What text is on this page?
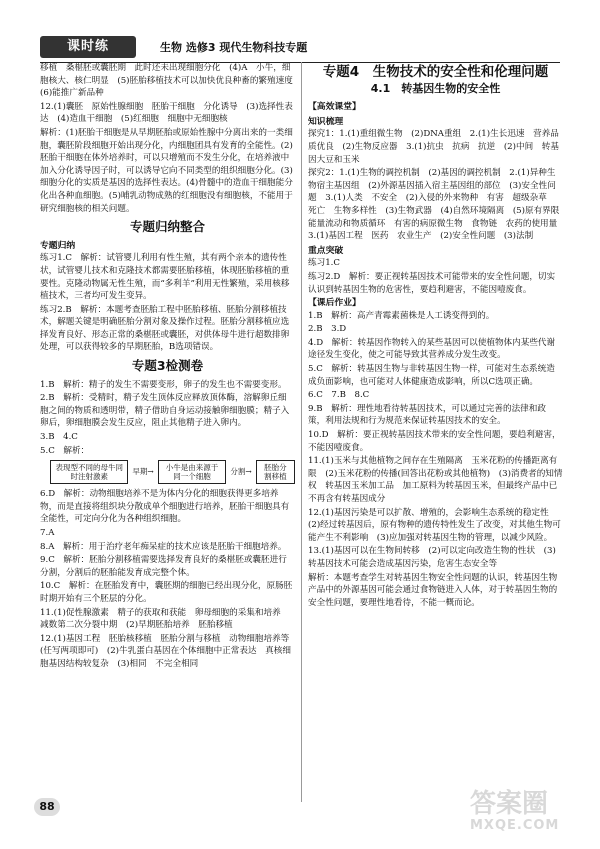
课时练	生物 选修3 现代生物科技专题

移植　桑椹胚或囊胚期　此时还未出现细胞分化　(4)A　小牛，细胞核大、核仁明显　(5)胚胎移植技术可以加快优良种畜的繁殖速度　(6)能推广新品种

12.(1)囊胚　原始性腺细胞　胚胎干细胞　分化诱导　(3)选择性表达　(4)造血干细胞　(5)红细胞　细胞中无细胞核

解析：(1)胚胎干细胞是从早期胚胎或原始性腺中分离出来的一类细胞，囊胚阶段细胞开始出现分化，内细胞团具有发育的全能性。(2)胚胎干细胞在体外培养时，可以只增殖而不发生分化，在培养液中加入分化诱导因子时，可以诱导它向不同类型的组织细胞分化。(3)细胞分化的实质是基因的选择性表达。(4)骨髓中的造血干细胞能分化出各种血细胞。(5)哺乳动物成熟的红细胞没有细胞核，不能用于研究细胞核的相关问题。

专题归纳整合
专题归纳

练习1.C　解析：试管婴儿利用有性生殖，其有两个亲本的遗传性状，试管婴儿技术和克隆技术都需要胚胎移植，体现胚胎移植的重要性。克隆动物属无性生殖，而“多利羊”利用无性繁殖，采用核移植技术，三者均可发生变异。

练习2.B　解析：本题考查胚胎工程中胚胎移植、胚胎分割移植技术，解题关键是明确胚胎分割对象及操作过程。胚胎分割移植应选择发育良好、形态正常的桑椹胚或囊胚，对供体母牛进行超数排卵处理，可以获得较多的早期胚胎，B选项错误。

专题3检测卷

1.B　解析：精子的发生不需要变形，卵子的发生也不需要变形。

2.B　解析：受精时，精子发生顶体反应释放顶体酶，溶解卵丘细胞之间的物质和透明带，精子借助自身运动接触卵细胞膜；精子入卵后，卵细胞膜会发生反应，阻止其他精子进入卵内。

3.B　4.C

5.C　解析：

表现型不同的母牛同时注射激素
早期→	小牛是由来源于同一个细胞
分割→	胚胎分割移植

6.D　解析：动物细胞培养不是为体内分化的细胞获得更多培养物，而是直接将组织块分散成单个细胞进行培养，胚胎干细胞具有全能性，可定向分化为各种组织细胞。

7.A

8.A　解析：用于治疗老年痴呆症的技术应该是胚胎干细胞培养。

9.C　解析：胚胎分割移植需要选择发育良好的桑椹胚或囊胚进行分割，分割后的胚胎能发育成完整个体。

10.C　解析：在胚胎发育中，囊胚期的细胞已经出现分化，原肠胚时期开始有三个胚层的分化。

11.(1)促性腺激素　精子的获取和获能　卵母细胞的采集和培养　减数第二次分裂中期　(2)早期胚胎培养　胚胎移植

12.(1)基因工程　胚胎核移植　胚胎分割与移植　动物细胞培养等(任写两项即可)　(2)牛乳蛋白基因在个体细胞中正常表达　真核细胞基因结构较复杂　(3)相同　不完全相同

专题4　生物技术的安全性和伦理问题
4.1　转基因生物的安全性
【高效课堂】
知识梳理

探究1：1.(1)重组微生物　(2)DNA重组　2.(1)生长迅速　营养品质优良　(2)生物反应器　3.(1)抗虫　抗病　抗逆　(2)中间　转基因大豆和玉米

探究2：1.(1)生物的调控机制　(2)基因的调控机制　2.(1)异种生物宿主基因组　(2)外源基因插入宿主基因组的部位　(3)安全性问题　3.(1)人类　不安全　(2)入侵的外来物种　有害　超级杂草　死亡　生物多样性　(3)生物武器　(4)自然环境隔离　(5)原有界限　能量流动和物质循环　有害的病原微生物　食物链　农药的使用量　3.(1)基因工程　医药　农业生产　(2)安全性问题　(3)法制

重点突破

练习1.C

练习2.D　解析：要正视转基因技术可能带来的安全性问题，切实认识到转基因生物的危害性，要趋利避害，不能因噎废食。

【课后作业】

1.B　解析：高产青霉素菌株是人工诱变得到的。

2.B　3.D

4.D　解析：转基因作物转入的某些基因可以使植物体内某些代谢途径发生变化，使之可能导致其营养成分发生改变。

5.C　解析：转基因生物与非转基因生物一样，可能对生态系统造成负面影响，也可能对人体健康造成影响，所以C选项正确。

6.C　7.B　8.C

9.B　解析：理性地看待转基因技术，可以通过完善的法律和政策，利用法规和行为规范来保证转基因技术的安全。

10.D　解析：要正视转基因技术带来的安全性问题，要趋利避害，不能因噎废食。

11.(1)玉米与其他植物之间存在生殖隔离　玉米花粉的传播距离有限　(2)玉米花粉的传播(回答出花粉或其他植物)　(3)消费者的知情权　转基因玉米加工品　加工原料为转基因玉米，但最终产品中已不再含有转基因成分

12.(1)基因污染是可以扩散、增殖的，会影响生态系统的稳定性　(2)经过转基因后，原有物种的遗传特性发生了改变，对其他生物可能产生不利影响　(3)应加强对转基因生物的管理，以减少风险。

13.(1)基因可以在生物间转移　(2)可以定向改造生物的性状　(3)转基因技术可能会造成基因污染，危害生态安全等

解析：本题考查学生对转基因生物安全性问题的认识，转基因生物产品中的外源基因可能会通过食物链进入人体，对于转基因生物的安全性问题，要理性地看待，不能一概而论。

88	答案圈
MXQE.COM
